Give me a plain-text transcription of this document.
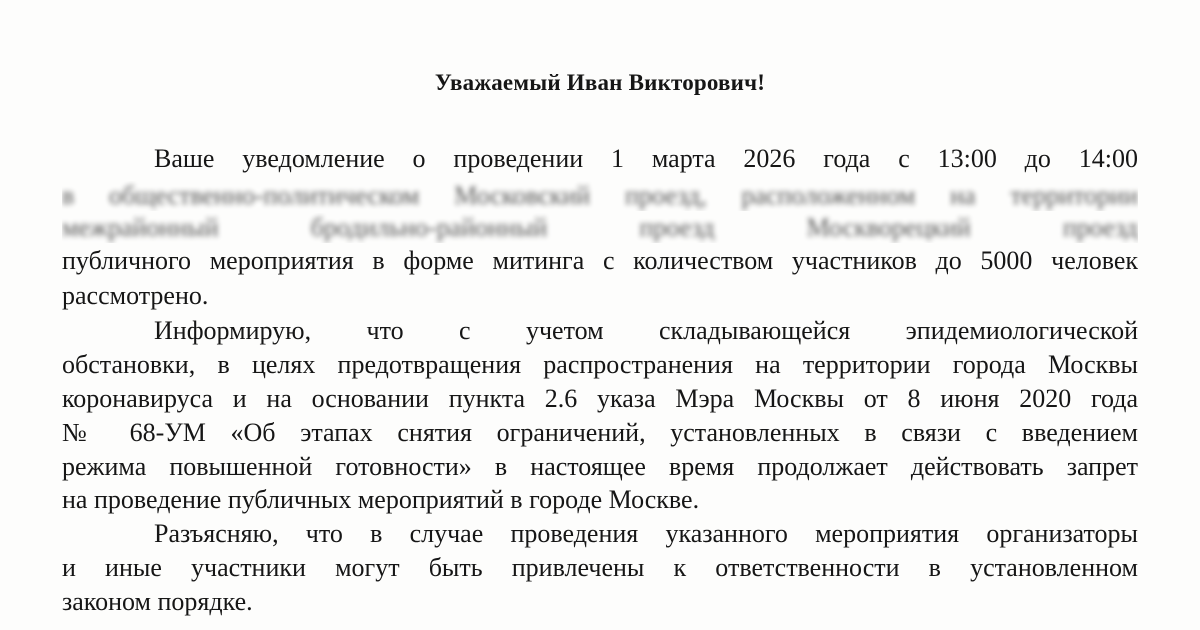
Уважаемый Иван Викторович!
Ваше уведомление о проведении 1 марта 2026 года с 13:00 до 14:00
в общественно-политическом Московский проезд, расположенном на территории
межрайонный бродильно-районный проезд Москворецкий проезд
публичного мероприятия в форме митинга с количеством участников до 5000 человек
рассмотрено.
Информирую, что с учетом складывающейся эпидемиологической
обстановки, в целях предотвращения распространения на территории города Москвы
коронавируса и на основании пункта 2.6 указа Мэра Москвы от 8 июня 2020 года
№ 68-УМ «Об этапах снятия ограничений, установленных в связи с введением
режима повышенной готовности» в настоящее время продолжает действовать запрет
на проведение публичных мероприятий в городе Москве.
Разъясняю, что в случае проведения указанного мероприятия организаторы
и иные участники могут быть привлечены к ответственности в установленном
законом порядке.
